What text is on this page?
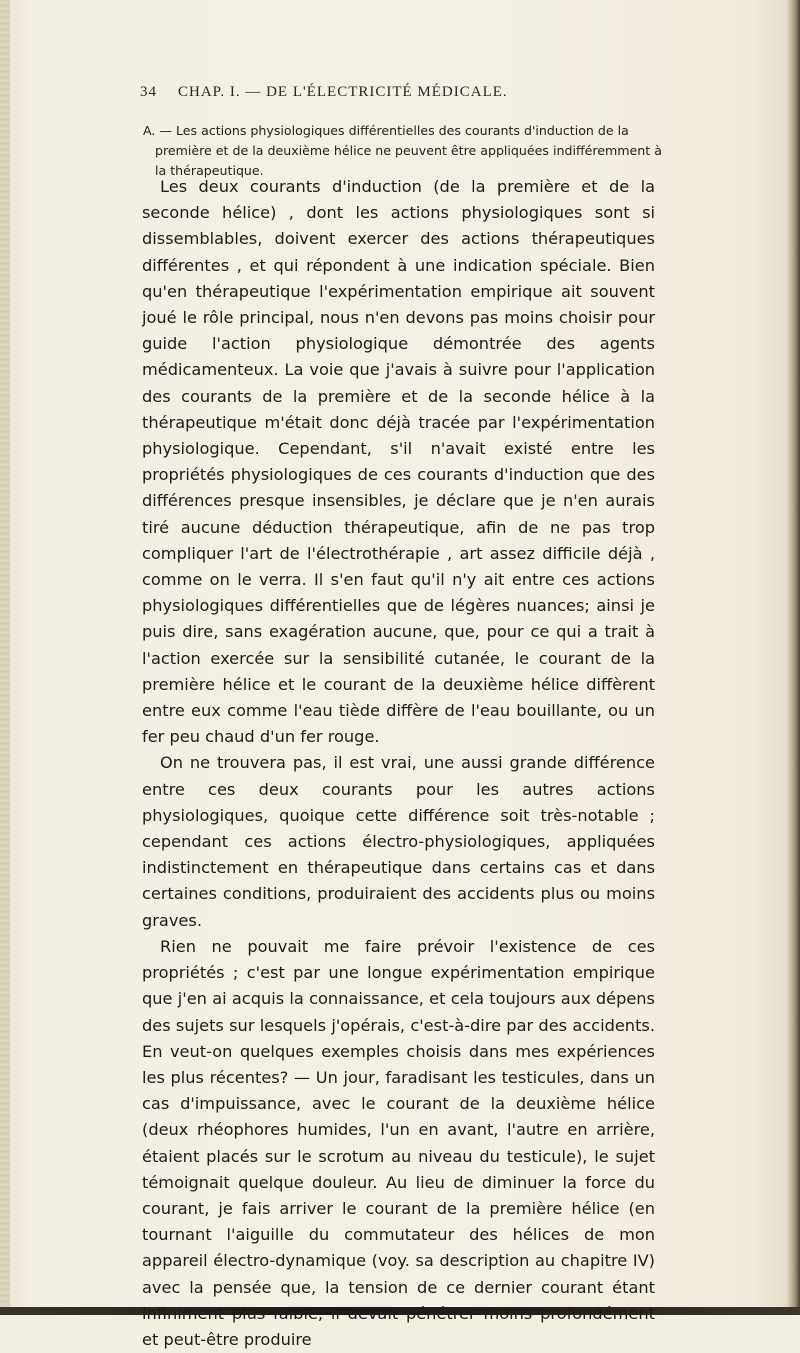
34 CHAP. I. — DE L'ÉLECTRICITÉ MÉDICALE.
A. — Les actions physiologiques différentielles des courants d'induction de la première et de la deuxième hélice ne peuvent être appliquées indifféremment à la thérapeutique.

Les deux courants d'induction (de la première et de la seconde hélice) , dont les actions physiologiques sont si dissemblables, doivent exercer des actions thérapeutiques différentes , et qui répondent à une indication spéciale. Bien qu'en thérapeutique l'expérimentation empirique ait souvent joué le rôle principal, nous n'en devons pas moins choisir pour guide l'action physiologique démontrée des agents médicamenteux. La voie que j'avais à suivre pour l'application des courants de la première et de la seconde hélice à la thérapeutique m'était donc déjà tracée par l'expérimentation physiologique. Cependant, s'il n'avait existé entre les propriétés physiologiques de ces courants d'induction que des différences presque insensibles, je déclare que je n'en aurais tiré aucune déduction thérapeutique, afin de ne pas trop compliquer l'art de l'électrothérapie , art assez difficile déjà , comme on le verra. Il s'en faut qu'il n'y ait entre ces actions physiologiques différentielles que de légères nuances; ainsi je puis dire, sans exagération aucune, que, pour ce qui a trait à l'action exercée sur la sensibilité cutanée, le courant de la première hélice et le courant de la deuxième hélice diffèrent entre eux comme l'eau tiède diffère de l'eau bouillante, ou un fer peu chaud d'un fer rouge.

On ne trouvera pas, il est vrai, une aussi grande différence entre ces deux courants pour les autres actions physiologiques, quoique cette différence soit très-notable ; cependant ces actions électro-physiologiques, appliquées indistinctement en thérapeutique dans certains cas et dans certaines conditions, produiraient des accidents plus ou moins graves.

Rien ne pouvait me faire prévoir l'existence de ces propriétés ; c'est par une longue expérimentation empirique que j'en ai acquis la connaissance, et cela toujours aux dépens des sujets sur lesquels j'opérais, c'est-à-dire par des accidents. En veut-on quelques exemples choisis dans mes expériences les plus récentes? — Un jour, faradisant les testicules, dans un cas d'impuissance, avec le courant de la deuxième hélice (deux rhéophores humides, l'un en avant, l'autre en arrière, étaient placés sur le scrotum au niveau du testicule), le sujet témoignait quelque douleur. Au lieu de diminuer la force du courant, je fais arriver le courant de la première hélice (en tournant l'aiguille du commutateur des hélices de mon appareil électro-dynamique (voy. sa description au chapitre IV) avec la pensée que, la tension de ce dernier courant étant infiniment plus faible, il devait pénétrer moins profondément et peut-être produire
